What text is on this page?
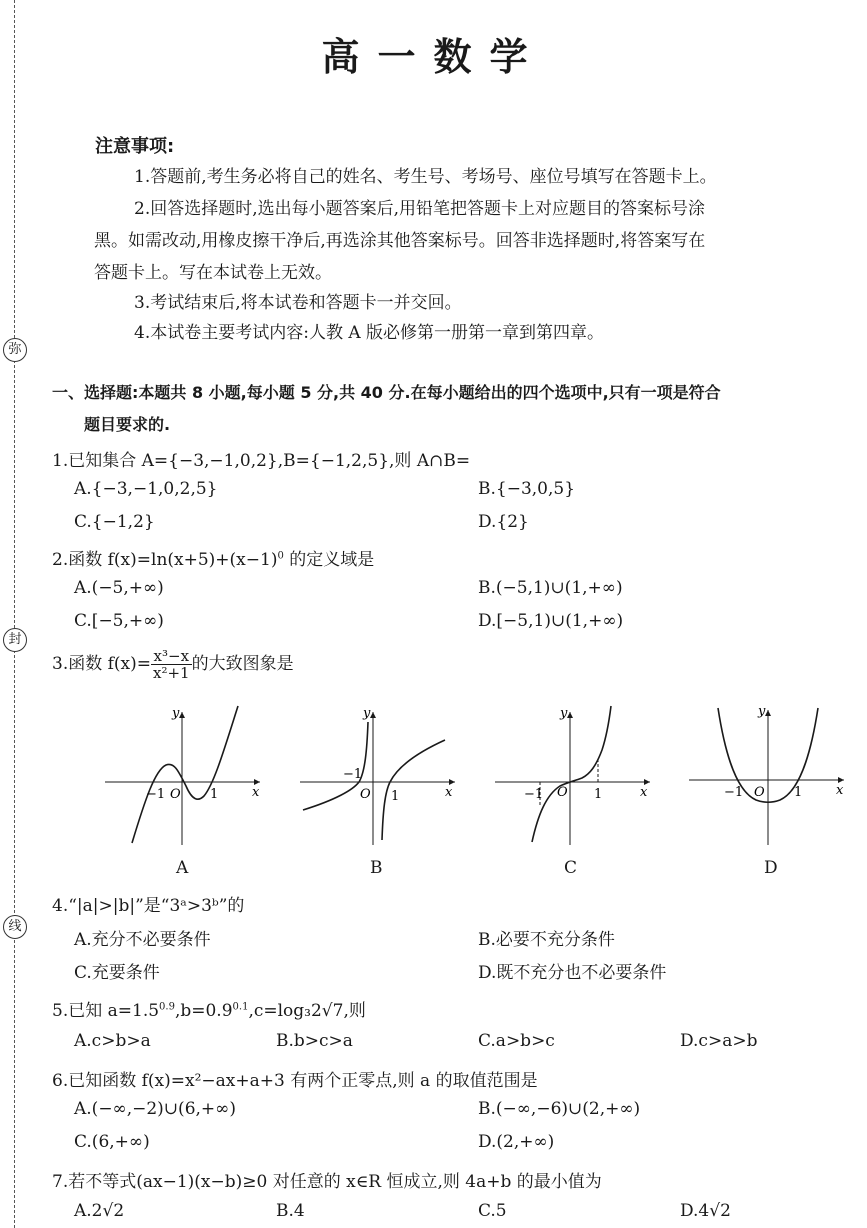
弥
封
线
高一数学
注意事项:
1.答题前,考生务必将自己的姓名、考生号、考场号、座位号填写在答题卡上。
2.回答选择题时,选出每小题答案后,用铅笔把答题卡上对应题目的答案标号涂
黑。如需改动,用橡皮擦干净后,再选涂其他答案标号。回答非选择题时,将答案写在
答题卡上。写在本试卷上无效。
3.考试结束后,将本试卷和答题卡一并交回。
4.本试卷主要考试内容:人教 A 版必修第一册第一章到第四章。
一、选择题:本题共 8 小题,每小题 5 分,共 40 分.在每小题给出的四个选项中,只有一项是符合
题目要求的.
1.已知集合 A={−3,−1,0,2},B={−1,2,5},则 A∩B=
A.{−3,−1,0,2,5}	B.{−3,0,5}
C.{−1,2}	D.{2}
2.函数 $f(x)=\ln(x+5)+(x-1)^0$ 的定义域是
A.(−5,+∞)	B.(−5,1)∪(1,+∞)
C.[−5,+∞)	D.[−5,1)∪(1,+∞)
3.函数 $f(x)= \frac{\text{x³−x}}{\text{x²+1}}$ 的大致图象是
y
x
−1 O 1
A
y
x
−1
O 1
B
y
x
−1 O 1
C
y
x
−1 O 1
D
4.“|a|>|b|”是“3ᵃ>3ᵇ”的
A.充分不必要条件	B.必要不充分条件
C.充要条件	D.既不充分也不必要条件
5.已知 $a=1.5^{0.9},b=0.9^{0.1},c=\log_32√7$,则
A.c>b>a	B.b>c>a	C.a>b>c	D.c>a>b
6.已知函数 f(x)=x²−ax+a+3 有两个正零点,则 a 的取值范围是
A.(−∞,−2)∪(6,+∞)	B.(−∞,−6)∪(2,+∞)
C.(6,+∞)	D.(2,+∞)
7.若不等式(ax−1)(x−b)≥0 对任意的 x∈R 恒成立,则 4a+b 的最小值为
A.2√2	B.4	C.5	D.4√2
